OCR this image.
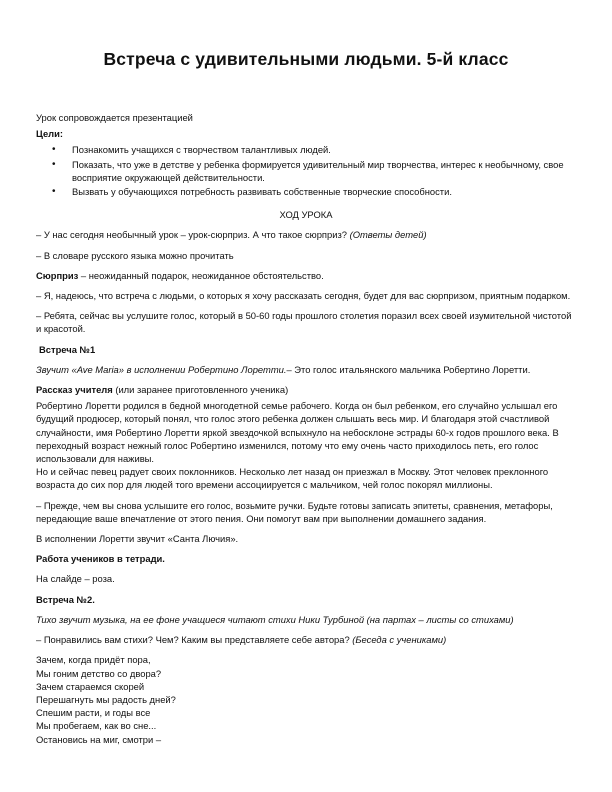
Встреча с удивительными людьми. 5-й класс

Урок сопровождается презентацией

Цели:

• Познакомить учащихся с творчеством талантливых людей.
• Показать, что уже в детстве у ребенка формируется удивительный мир творчества, интерес к необычному, свое восприятие окружающей действительности.
• Вызвать у обучающихся потребность развивать собственные творческие способности.

ХОД УРОКА

– У нас сегодня необычный урок – урок-сюрприз. А что такое сюрприз? (Ответы детей)

– В словаре русского языка можно прочитать

Сюрприз – неожиданный подарок, неожиданное обстоятельство.

– Я, надеюсь, что встреча с людьми, о которых я хочу рассказать сегодня, будет для вас сюрпризом, приятным подарком.

– Ребята, сейчас вы услушите голос, который в 50-60 годы прошлого столетия поразил всех своей изумительной чистотой и красотой.

Встреча №1

Звучит «Ave Maria» в исполнении Робертино Лоретти.– Это голос итальянского мальчика Робертино Лоретти.

Рассказ учителя (или заранее приготовленного ученика)

Робертино Лоретти родился в бедной многодетной семье рабочего. Когда он был ребенком, его случайно услышал его будущий продюсер, который понял, что голос этого ребенка должен слышать весь мир. И благодаря этой счастливой случайности, имя Робертино Лоретти яркой звездочкой вспыхнуло на небосклоне эстрады 60-х годов прошлого века. В переходный возраст нежный голос Робертино изменился, потому что ему очень часто приходилось петь, его голос использовали для наживы.
Но и сейчас певец радует своих поклонников. Несколько лет назад он приезжал в Москву. Этот человек преклонного возраста до сих пор для людей того времени ассоциируется с мальчиком, чей голос покорял миллионы.

– Прежде, чем вы снова услышите его голос, возьмите ручки. Будьте готовы записать эпитеты, сравнения, метафоры, передающие ваше впечатление от этого пения. Они помогут вам при выполнении домашнего задания.

В исполнении Лоретти звучит «Санта Лючия».

Работа учеников в тетради.

На слайде – роза.

Встреча №2.

Тихо звучит музыка, на ее фоне учащиеся читают стихи Ники Турбиной (на партах – листы со стихами)

– Понравились вам стихи? Чем? Каким вы представляете себе автора? (Беседа с учениками)

Зачем, когда придёт пора,
Мы гоним детство со двора?
Зачем стараемся скорей
Перешагнуть мы радость дней?
Спешим расти, и годы все
Мы пробегаем, как во сне...
Остановись на миг, смотри –
